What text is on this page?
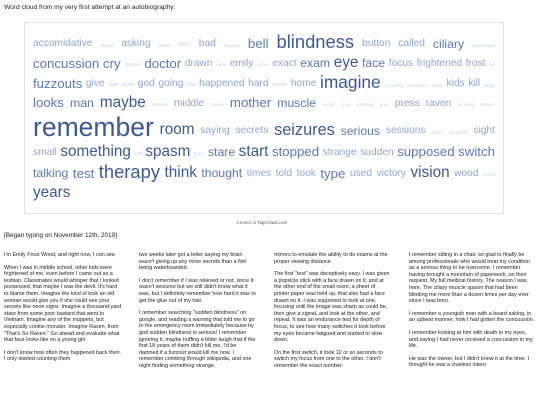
Word cloud from my very first attempt at an autobiography:
accomidative ahead asking aware awful bad became bell blindness button called ciliary classmates
concussion cry damned doctor drawn early emily entire exact exam eye face focus frightened frost full
fuzzouts give glue glued god going hair happened hard history home imagine incredibly insistence intern kids kill laugh
looks man maybe messed middle money mother muscle nearly none physical poor press raven recieved relearn
remember room saying secrets seizures serious sessions sharp should've sight
small something soft spasm spicy stare start stopped strange sudden supposed switch
talking test therapy think thought times told took type used victory vision wood would
years
created at TagCrowd.com
[Began typing on November 12th, 2019]

I'm Emily Frost Wood, and right now, I can see.

When I was in middle school, other kids were frightened of me, even before I came out as a lesbian. Classmates would whisper that I looked possessed, that maybe I was the devil. It's hard to blame them. Imagine the kind of look an old woman would give you if she could see your secrets like neon signs. Imagine a thousand-yard stare from some poor bastard that went to Vietnam. Imagine any of the muppets, but especially cookie monster. Imagine Raven, from "That's So Raven." Go ahead and evaluate what that face looks like on a young girl.

I don't know how often they happened back then. I only started counting them

two weeks later got a letter saying my brain wasn't giving up any more secrets than a fish being waterboarded.

I don't remember if I was relieved or not, since it wasn't seizures but we still didn't know what it was, but I definitely remember how hard it was to get the glue out of my hair.

I remember searching "sudden blindness" on google, and reading a warning that told me to go to the emergency room immediately because by god sudden blindness is serious! I remember ignoring it, maybe huffing a bitter laugh that if the first 18 years of them didn't kill me, I'd be damned if a fuzzout would kill me now. I remember combing through wikipedia, and one night finding something strange.

mirrors to emulate the ability to do exams at the proper viewing distance.

The first "test" was deceptively easy. I was given a popsicle stick with a face drawn on it, and at the other end of the small room, a sheet of printer paper was held up, that also had a face drawn on it. I was supposed to look at one, focusing until the image was sharp as could be, then give a signal, and look at the other, and repeat. It was an endurance test for depth of focus, to see how many switches it took before my eyes became fatigued and started to slow down.

On the first switch, it took 12 or so seconds to switch my focus from one to the other. I don't remember the exact number.

I remember sitting in a chair, so glad to finally be among professionals who would treat my condition as a serious thing to be overcome. I remember having brought a mountain of paperwork, on their request. My full medical history. The reason I was here. The ciliary muscle spasm that had been blinding me more than a dozen times per day ever since I was born.

I remember a youngish man with a beard asking, in an upbeat manner, how I had gotten the concussion.

I remember looking at him with death in my eyes, and saying I had never recieved a concussion in my life.

He was the owner, but I didn't know it at the time. I thought he was a clueless intern
